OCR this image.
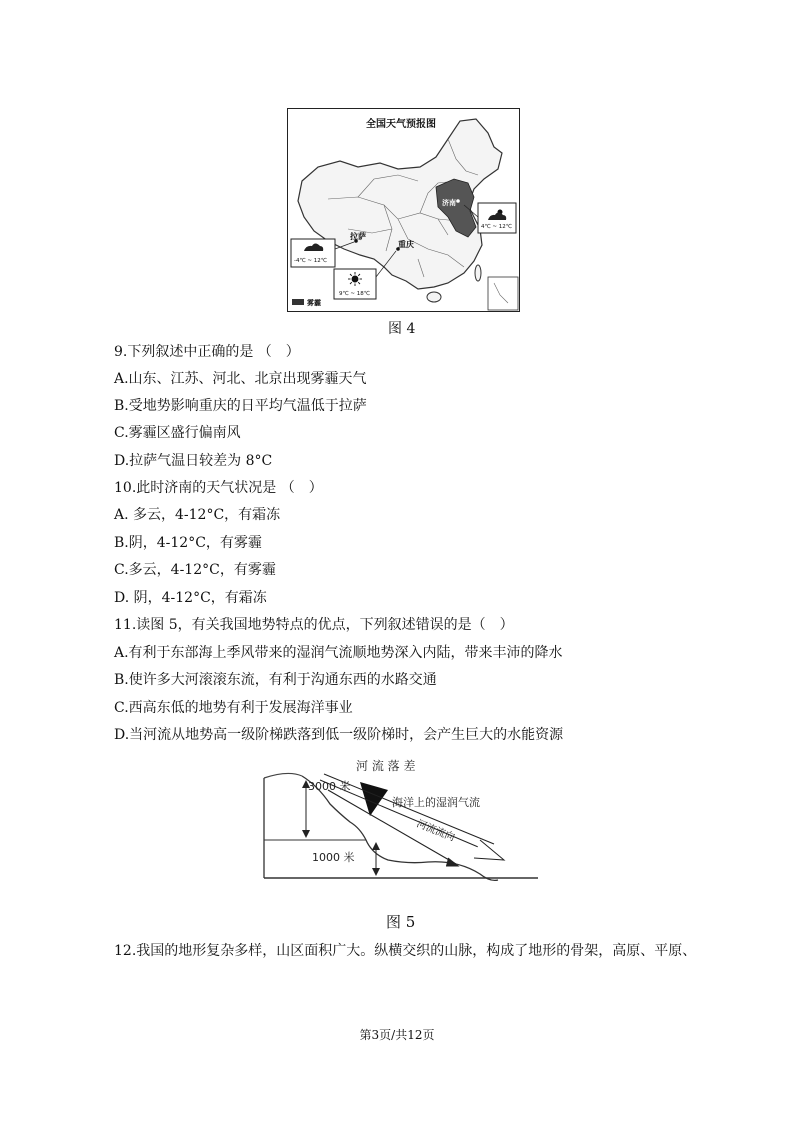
全国天气预报图
拉萨
重庆
济南
-4℃ ~ 12℃
9℃ ~ 18℃
4℃ ~ 12℃
雾霾
图 4
9.下列叙述中正确的是 （　）
A.山东、江苏、河北、北京出现雾霾天气
B.受地势影响重庆的日平均气温低于拉萨
C.雾霾区盛行偏南风
D.拉萨气温日较差为 8°C
10.此时济南的天气状况是 （　）
A. 多云，4-12°C，有霜冻
B.阴，4-12°C，有雾霾
C.多云，4-12°C，有雾霾
D. 阴，4-12°C，有霜冻
11.读图 5，有关我国地势特点的优点，下列叙述错误的是（　）
A.有利于东部海上季风带来的湿润气流顺地势深入内陆，带来丰沛的降水
B.使许多大河滚滚东流，有利于沟通东西的水路交通
C.西高东低的地势有利于发展海洋事业
D.当河流从地势高一级阶梯跌落到低一级阶梯时，会产生巨大的水能资源
河 流 落 差
3000 米
1000 米
海洋上的湿润气流
河流流向
图 5
12.我国的地形复杂多样，山区面积广大。纵横交织的山脉，构成了地形的骨架，高原、平原、
第3页/共12页
